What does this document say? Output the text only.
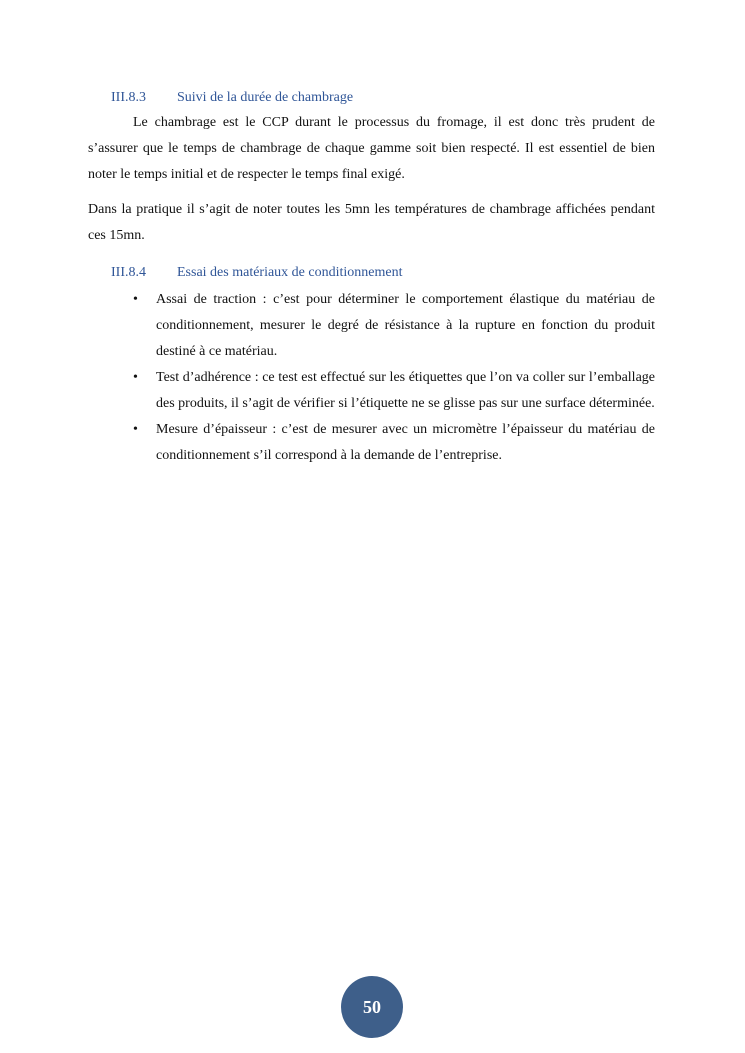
III.8.3 Suivi de la durée de chambrage

Le chambrage est le CCP durant le processus du fromage, il est donc très prudent de s’assurer que le temps de chambrage de chaque gamme soit bien respecté. Il est essentiel de bien noter le temps initial et de respecter le temps final exigé.

Dans la pratique il s’agit de noter toutes les 5mn les températures de chambrage affichées pendant ces 15mn.

III.8.4 Essai des matériaux de conditionnement
• Assai de traction : c’est pour déterminer le comportement élastique du matériau de conditionnement, mesurer le degré de résistance à la rupture en fonction du produit destiné à ce matériau.
• Test d’adhérence : ce test est effectué sur les étiquettes que l’on va coller sur l’emballage des produits, il s’agit de vérifier si l’étiquette ne se glisse pas sur une surface déterminée.
• Mesure d’épaisseur : c’est de mesurer avec un micromètre l’épaisseur du matériau de conditionnement s’il correspond à la demande de l’entreprise.
50
